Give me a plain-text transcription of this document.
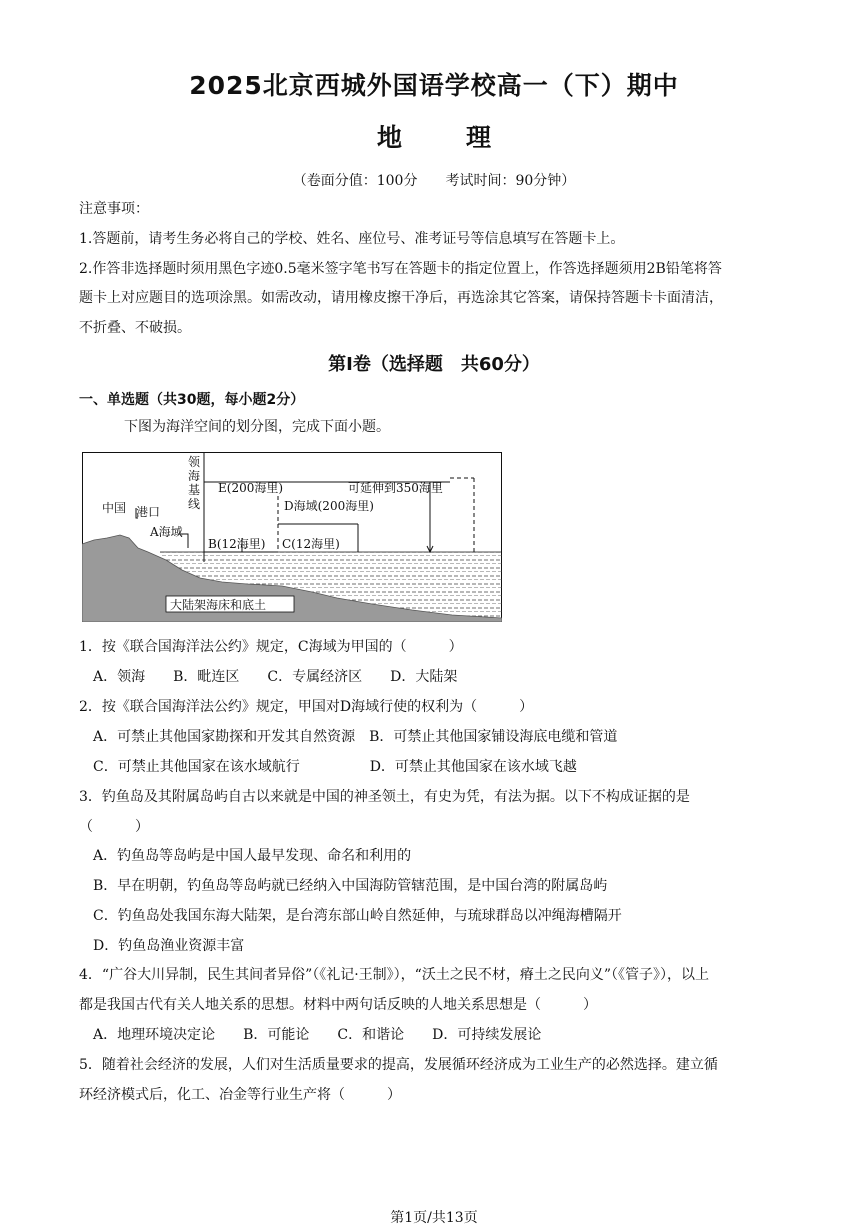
2025北京西城外国语学校高一（下）期中
地	理
（卷面分值：100分　　考试时间：90分钟）
注意事项：
1.答题前，请考生务必将自己的学校、姓名、座位号、准考证号等信息填写在答题卡上。
2.作答非选择题时须用黑色字迹0.5毫米签字笔书写在答题卡的指定位置上，作答选择题须用2B铅笔将答
题卡上对应题目的选项涂黑。如需改动，请用橡皮擦干净后，再选涂其它答案，请保持答题卡卡面清洁，
不折叠、不破损。
第Ⅰ卷（选择题　共60分）
一、单选题（共30题，每小题2分）
下图为海洋空间的划分图，完成下面小题。
领
海
基
线
中国 港口
A海域
B(12海里) C(12海里)
D海域(200海里)
E(200海里)	可延伸到350海里
大陆架海床和底土
1．按《联合国海洋法公约》规定，C海域为甲国的（　　　）
A．领海　　B．毗连区　　C．专属经济区　　D．大陆架
2．按《联合国海洋法公约》规定，甲国对D海域行使的权利为（　　　）
A．可禁止其他国家勘探和开发其自然资源　B．可禁止其他国家铺设海底电缆和管道
C．可禁止其他国家在该水域航行　　　　　D．可禁止其他国家在该水域飞越
3．钓鱼岛及其附属岛屿自古以来就是中国的神圣领土，有史为凭，有法为据。以下不构成证据的是
（　　　）
A．钓鱼岛等岛屿是中国人最早发现、命名和利用的
B．早在明朝，钓鱼岛等岛屿就已经纳入中国海防管辖范围，是中国台湾的附属岛屿
C．钓鱼岛处我国东海大陆架，是台湾东部山岭自然延伸，与琉球群岛以冲绳海槽隔开
D．钓鱼岛渔业资源丰富
4．“广谷大川异制，民生其间者异俗”（《礼记·王制》），“沃土之民不材，瘠土之民向义”（《管子》），以上
都是我国古代有关人地关系的思想。材料中两句话反映的人地关系思想是（　　　）
A．地理环境决定论　　B．可能论　　C．和谐论　　D．可持续发展论
5．随着社会经济的发展，人们对生活质量要求的提高，发展循环经济成为工业生产的必然选择。建立循
环经济模式后，化工、冶金等行业生产将（　　　）
第1页/共13页
